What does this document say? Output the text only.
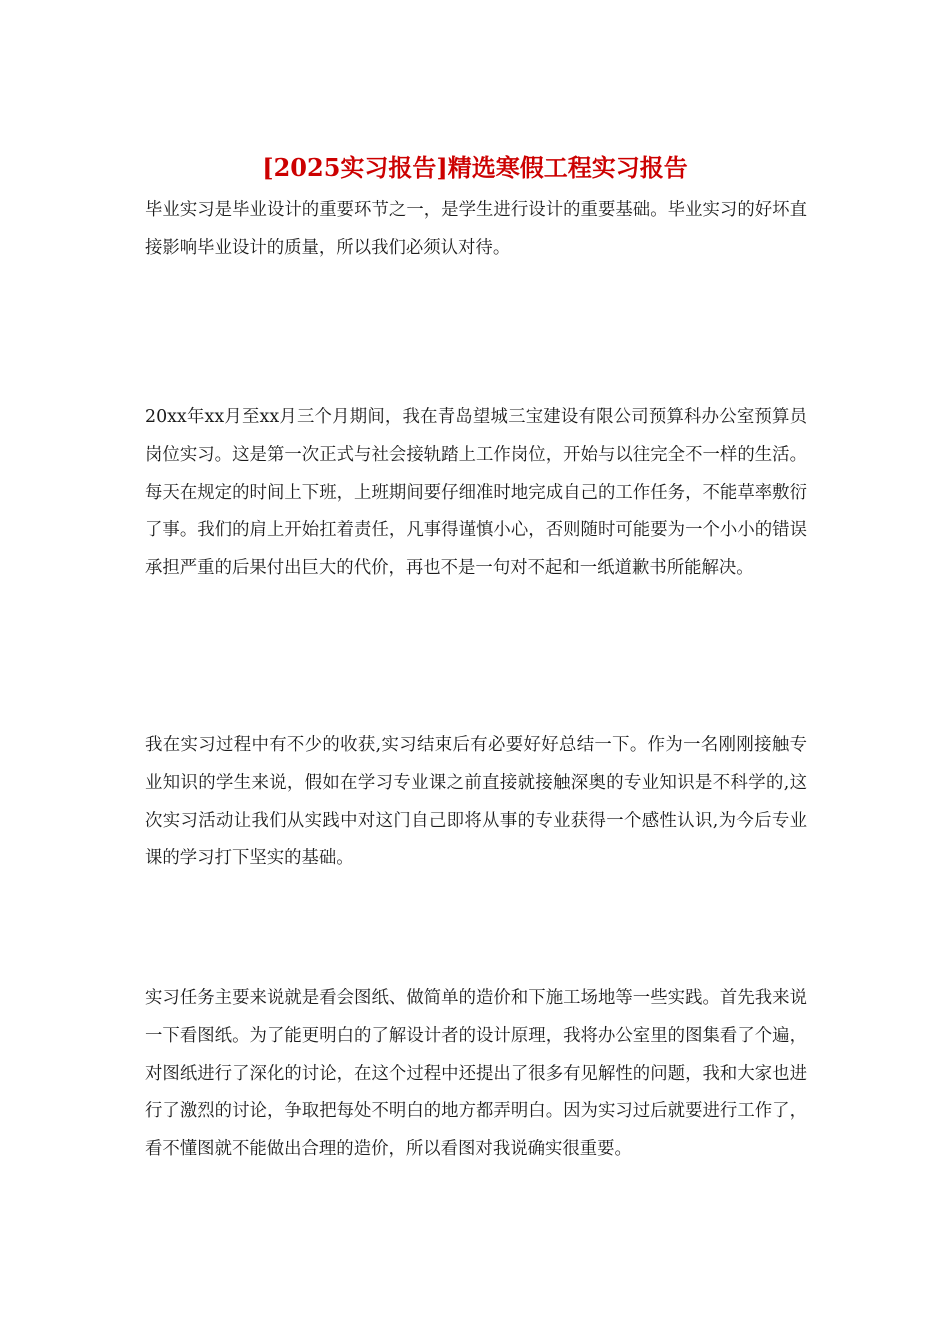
[2025实习报告]精选寒假工程实习报告

毕业实习是毕业设计的重要环节之一，是学生进行设计的重要基础。毕业实习的好坏直接影响毕业设计的质量，所以我们必须认对待。

20xx年xx月至xx月三个月期间，我在青岛望城三宝建设有限公司预算科办公室预算员岗位实习。这是第一次正式与社会接轨踏上工作岗位，开始与以往完全不一样的生活。每天在规定的时间上下班，上班期间要仔细准时地完成自己的工作任务，不能草率敷衍了事。我们的肩上开始扛着责任，凡事得谨慎小心，否则随时可能要为一个小小的错误承担严重的后果付出巨大的代价，再也不是一句对不起和一纸道歉书所能解决。

我在实习过程中有不少的收获,实习结束后有必要好好总结一下。作为一名刚刚接触专业知识的学生来说，假如在学习专业课之前直接就接触深奥的专业知识是不科学的,这次实习活动让我们从实践中对这门自己即将从事的专业获得一个感性认识,为今后专业课的学习打下坚实的基础。

实习任务主要来说就是看会图纸、做简单的造价和下施工场地等一些实践。首先我来说一下看图纸。为了能更明白的了解设计者的设计原理，我将办公室里的图集看了个遍，对图纸进行了深化的讨论，在这个过程中还提出了很多有见解性的问题，我和大家也进行了激烈的讨论，争取把每处不明白的地方都弄明白。因为实习过后就要进行工作了，看不懂图就不能做出合理的造价，所以看图对我说确实很重要。
